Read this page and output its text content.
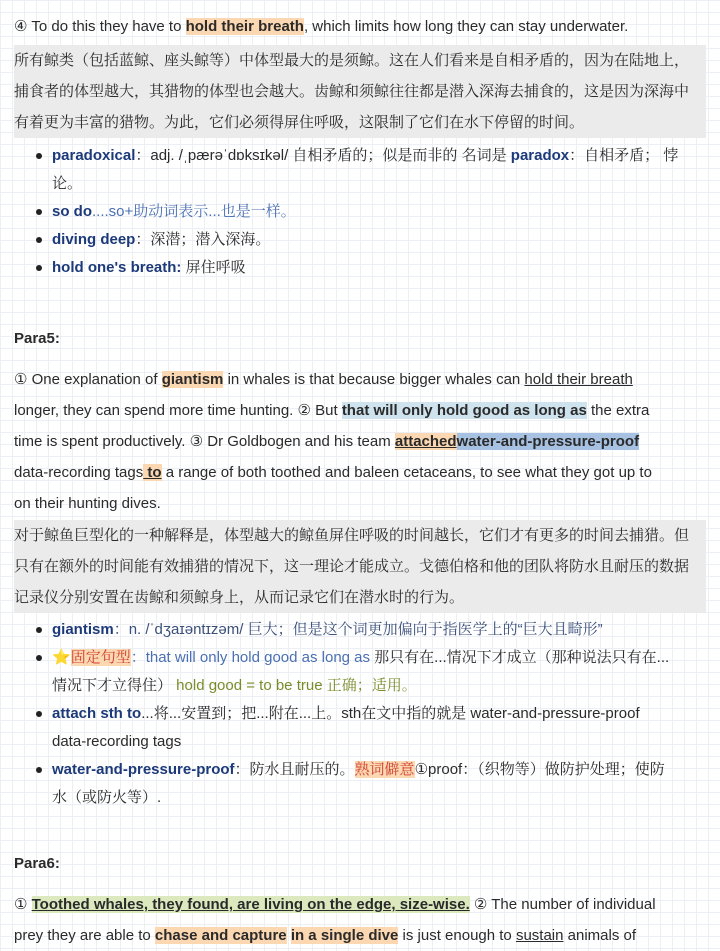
④ To do this they have to hold their breath, which limits how long they can stay underwater.

所有鲸类（包括蓝鲸、座头鲸等）中体型最大的是须鲸。这在人们看来是自相矛盾的，因为在陆地上，
捕食者的体型越大，其猎物的体型也会越大。齿鲸和须鲸往往都是潜入深海去捕食的，这是因为深海中
有着更为丰富的猎物。为此，它们必须得屏住呼吸，这限制了它们在水下停留的时间。
paradoxical：adj. /ˌpærəˈdɒksɪkəl/ 自相矛盾的；似是而非的 名词是 paradox：自相矛盾； 悖
论。
so do....so+助动词表示...也是一样。
diving deep：深潜；潜入深海。
hold one's breath: 屏住呼吸

Para5:

① One explanation of giantism in whales is that because bigger whales can hold their breath

longer, they can spend more time hunting. ② But that will only hold good as long as the extra

time is spent productively. ③ Dr Goldbogen and his team attachedwater-and-pressure-proof

data-recording tags to a range of both toothed and baleen cetaceans, to see what they got up to

on their hunting dives.

对于鲸鱼巨型化的一种解释是，体型越大的鲸鱼屏住呼吸的时间越长，它们才有更多的时间去捕猎。但
只有在额外的时间能有效捕猎的情况下，这一理论才能成立。戈德伯格和他的团队将防水且耐压的数据
记录仪分别安置在齿鲸和须鲸身上，从而记录它们在潜水时的行为。
giantism：n. /ˈdʒaɪəntɪzəm/ 巨大；但是这个词更加偏向于指医学上的“巨大且畸形”
⭐固定句型：that will only hold good as long as 那只有在...情况下才成立（那种说法只有在...
情况下才立得住） hold good = to be true 正确；适用。
attach sth to...将...安置到；把...附在...上。sth在文中指的就是 water-and-pressure-proof
data-recording tags
water-and-pressure-proof：防水且耐压的。熟词僻意①proof：（织物等）做防护处理；使防
水（或防火等）.

Para6:

① Toothed whales, they found, are living on the edge, size-wise. ② The number of individual

prey they are able to chase and capture in a single dive is just enough to sustain animals of
